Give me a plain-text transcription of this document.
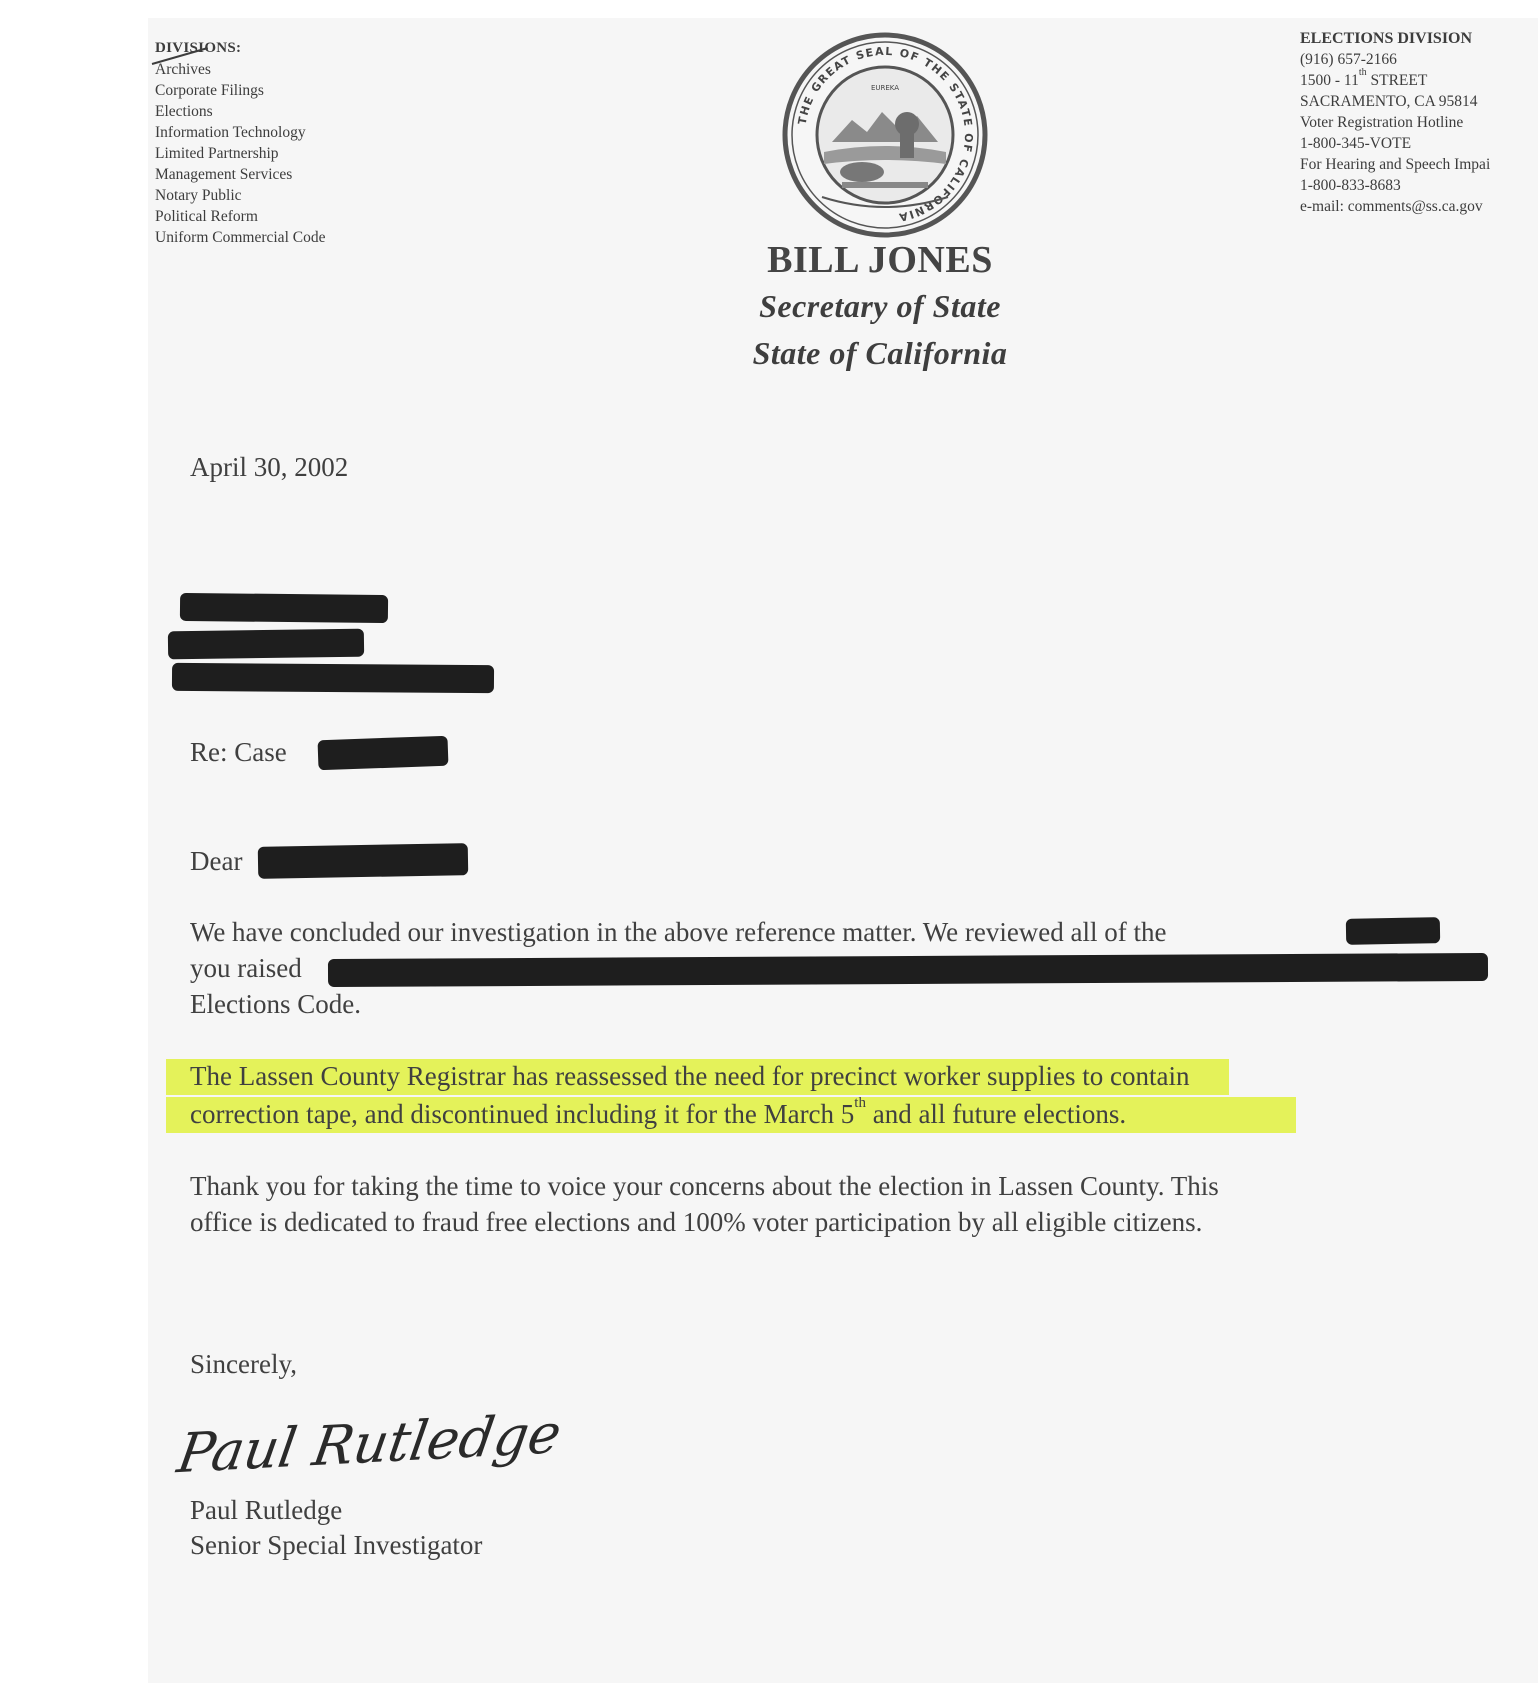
DIVISIONS:
Archives
Corporate Filings
Elections
Information Technology
Limited Partnership
Management Services
Notary Public
Political Reform
Uniform Commercial Code
THE GREAT SEAL OF THE STATE OF CALIFORNIA
EUREKA
ELECTIONS DIVISION
(916) 657-2166
1500 - 11th STREET
SACRAMENTO, CA 95814
Voter Registration Hotline
1-800-345-VOTE
For Hearing and Speech Impai
1-800-833-8683
e-mail: comments@ss.ca.gov
BILL JONES
Secretary of State
State of California
April 30, 2002
Re: Case
Dear
We have concluded our investigation in the above reference matter. We reviewed all of the
you raised
Elections Code.
The Lassen County Registrar has reassessed the need for precinct worker supplies to contain
correction tape, and discontinued including it for the March 5th and all future elections.
Thank you for taking the time to voice your concerns about the election in Lassen County. This
office is dedicated to fraud free elections and 100% voter participation by all eligible citizens.
Sincerely,
Paul Rutledge
Paul Rutledge
Senior Special Investigator
